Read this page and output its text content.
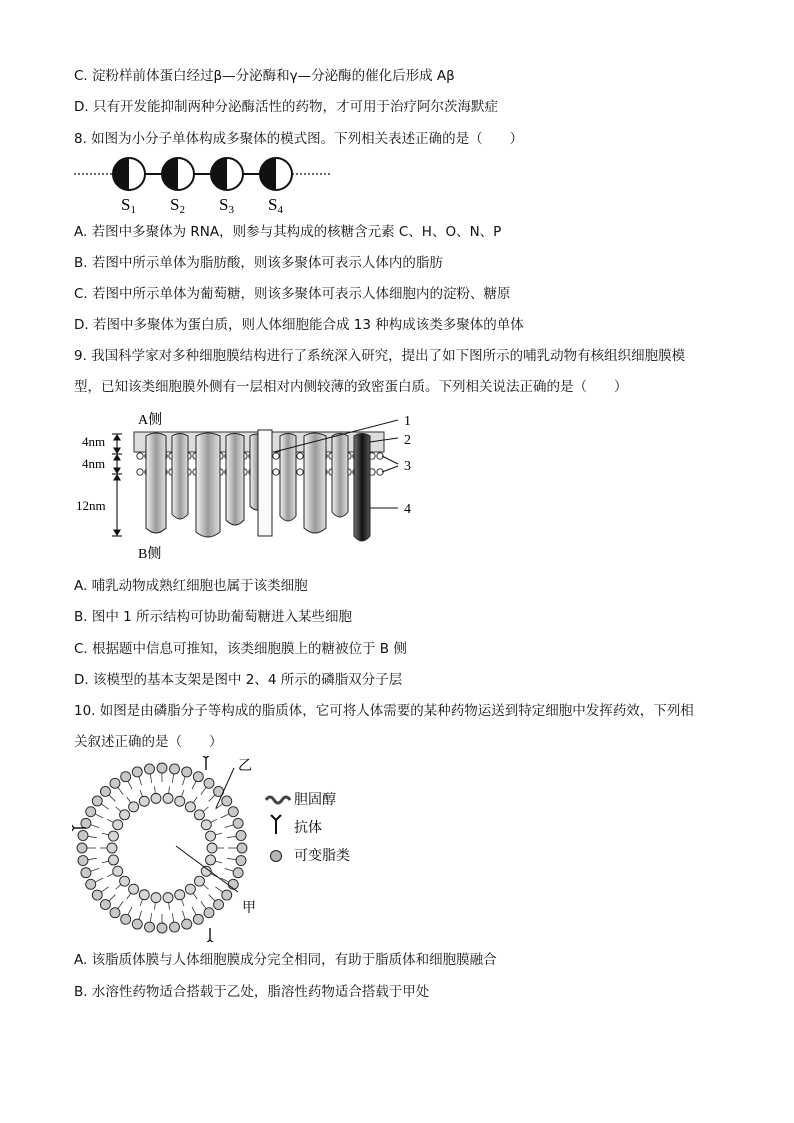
C. 淀粉样前体蛋白经过β—分泌酶和γ—分泌酶的催化后形成 Aβ

D. 只有开发能抑制两种分泌酶活性的药物，才可用于治疗阿尔茨海默症

8. 如图为小分子单体构成多聚体的模式图。下列相关表述正确的是（　　）

S1 S2 S3 S4

A. 若图中多聚体为 RNA，则参与其构成的核糖含元素 C、H、O、N、P

B. 若图中所示单体为脂肪酸，则该多聚体可表示人体内的脂肪

C. 若图中所示单体为葡萄糖，则该多聚体可表示人体细胞内的淀粉、糖原

D. 若图中多聚体为蛋白质，则人体细胞能合成 13 种构成该类多聚体的单体

9. 我国科学家对多种细胞膜结构进行了系统深入研究，提出了如下图所示的哺乳动物有核组织细胞膜模

型，已知该类细胞膜外侧有一层相对内侧较薄的致密蛋白质。下列相关说法正确的是（　　）

A侧
B侧
4nm
4nm
12nm
1
2
3
4

A. 哺乳动物成熟红细胞也属于该类细胞

B. 图中 1 所示结构可协助葡萄糖进入某些细胞

C. 根据题中信息可推知，该类细胞膜上的糖被位于 B 侧

D. 该模型的基本支架是图中 2、4 所示的磷脂双分子层

10. 如图是由磷脂分子等构成的脂质体，它可将人体需要的某种药物运送到特定细胞中发挥药效，下列相

关叙述正确的是（　　）

乙
甲
胆固醇
抗体
可变脂类

A. 该脂质体膜与人体细胞膜成分完全相同，有助于脂质体和细胞膜融合

B. 水溶性药物适合搭载于乙处，脂溶性药物适合搭载于甲处
